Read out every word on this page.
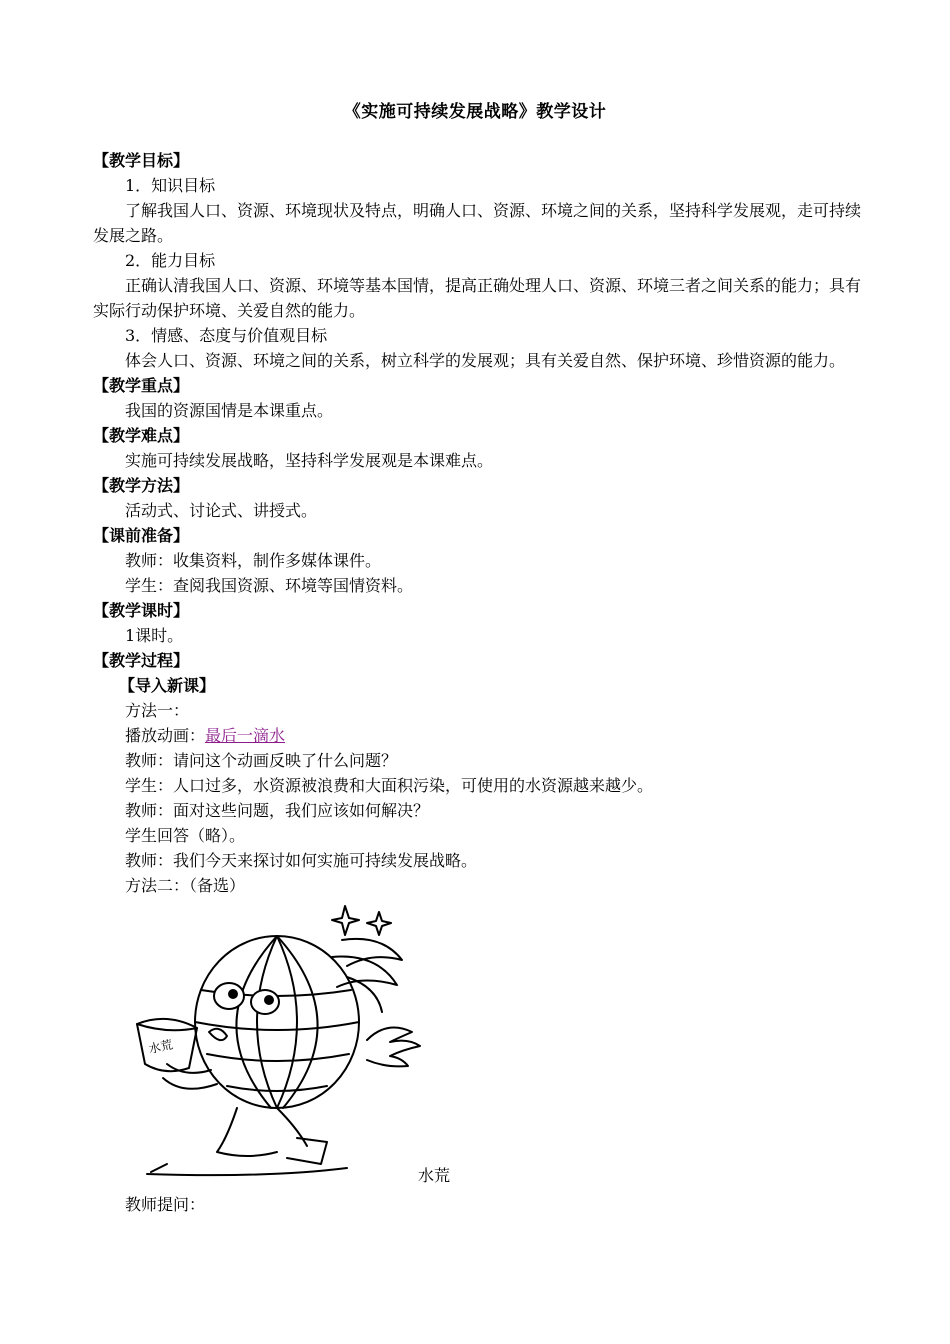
《实施可持续发展战略》教学设计

【教学目标】

1．知识目标

了解我国人口、资源、环境现状及特点，明确人口、资源、环境之间的关系，坚持科学发展观，走可持续发展之路。

2．能力目标

正确认清我国人口、资源、环境等基本国情，提高正确处理人口、资源、环境三者之间关系的能力；具有实际行动保护环境、关爱自然的能力。

3．情感、态度与价值观目标

体会人口、资源、环境之间的关系，树立科学的发展观；具有关爱自然、保护环境、珍惜资源的能力。

【教学重点】

我国的资源国情是本课重点。

【教学难点】

实施可持续发展战略，坚持科学发展观是本课难点。

【教学方法】

活动式、讨论式、讲授式。

【课前准备】

教师：收集资料，制作多媒体课件。

学生：查阅我国资源、环境等国情资料。

【教学课时】

1课时。

【教学过程】

【导入新课】

方法一：

播放动画：最后一滴水

教师：请问这个动画反映了什么问题？

学生：人口过多，水资源被浪费和大面积污染，可使用的水资源越来越少。

教师：面对这些问题，我们应该如何解决？

学生回答（略）。

教师：我们今天来探讨如何实施可持续发展战略。

方法二：（备选）

水荒
水荒

教师提问：
